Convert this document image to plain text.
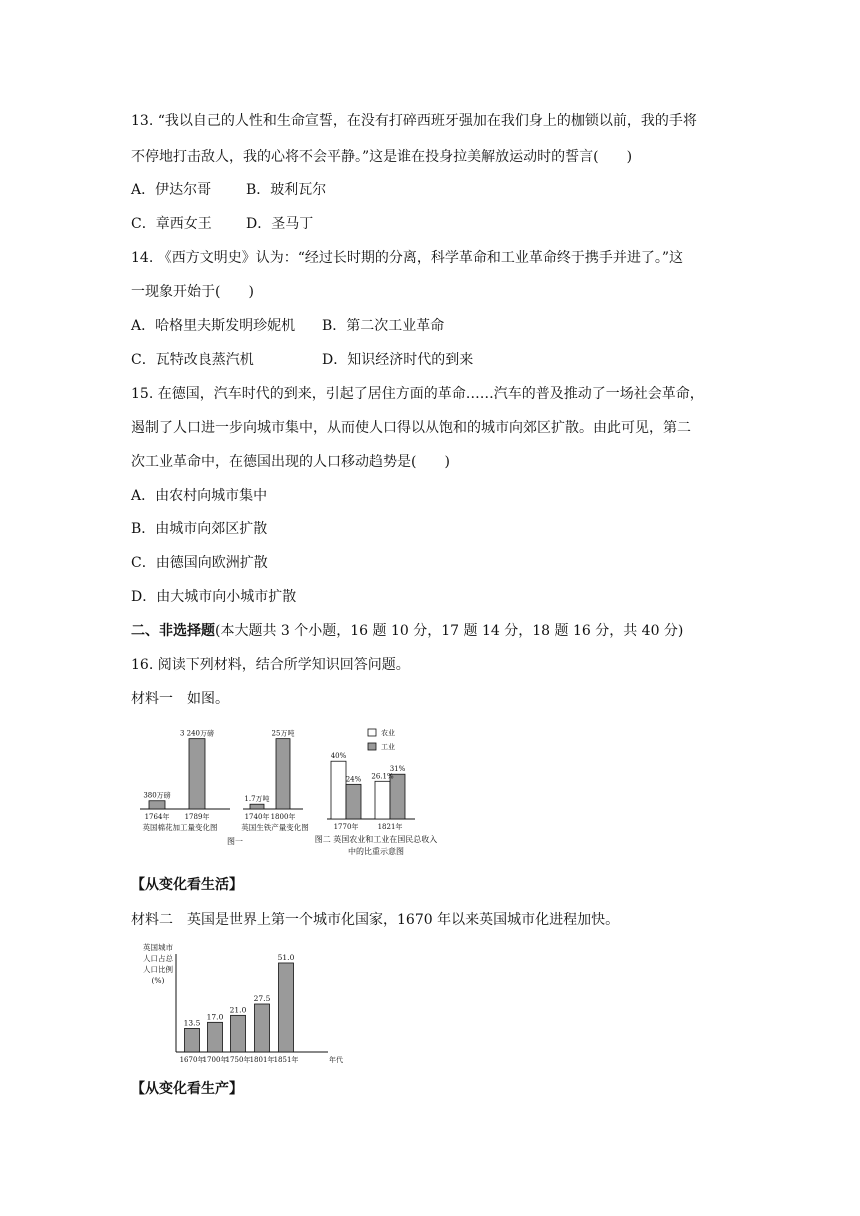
13. “我以自己的人性和生命宣誓，在没有打碎西班牙强加在我们身上的枷锁以前，我的手将
不停地打击敌人，我的心将不会平静。”这是谁在投身拉美解放运动时的誓言(　　)
A．伊达尔哥 B．玻利瓦尔
C．章西女王 D．圣马丁
14. 《西方文明史》认为：“经过长时期的分离，科学革命和工业革命终于携手并进了。”这
一现象开始于(　　)
A．哈格里夫斯发明珍妮机 B．第二次工业革命
C．瓦特改良蒸汽机	D．知识经济时代的到来
15. 在德国，汽车时代的到来，引起了居住方面的革命……汽车的普及推动了一场社会革命，
遏制了人口进一步向城市集中，从而使人口得以从饱和的城市向郊区扩散。由此可见，第二
次工业革命中，在德国出现的人口移动趋势是(　　)
A．由农村向城市集中
B．由城市向郊区扩散
C．由德国向欧洲扩散
D．由大城市向小城市扩散
二、非选择题(本大题共 3 个小题，16 题 10 分，17 题 14 分，18 题 16 分，共 40 分)
16. 阅读下列材料，结合所学知识回答问题。
材料一　如图。
380万磅
3 240万磅
1764年 1789年
英国棉花加工量变化图
1.7万吨
25万吨
1740年 1800年
英国生铁产量变化图
图一
农业
工业
40%
24% 26.1%
31%
1770年	1821年
图二 英国农业和工业在国民总收入中的比重示意图
【从变化看生活】
材料二　英国是世界上第一个城市化国家，1670 年以来英国城市化进程加快。
英国城市人口占总人口比例(%)
13.5
17.0
21.0
27.5
51.0
1670年
1700年
1750年 1801年 1851年	年代
【从变化看生产】
